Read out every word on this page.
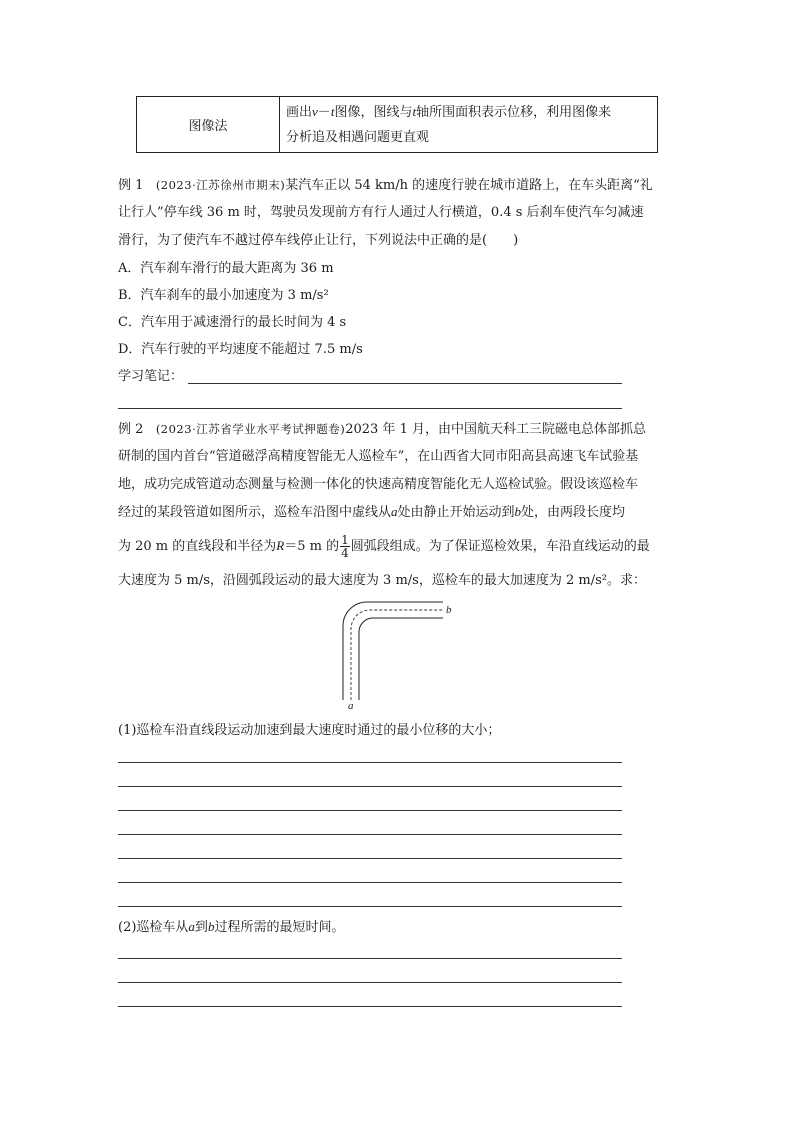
图像法	画出v－t图像，图线与t轴所围面积表示位移，利用图像来
分析追及相遇问题更直观
例 1 (2023·江苏徐州市期末)某汽车正以 54 km/h 的速度行驶在城市道路上，在车头距离“礼
让行人”停车线 36 m 时，驾驶员发现前方有行人通过人行横道，0.4 s 后刹车使汽车匀减速
滑行，为了使汽车不越过停车线停止让行，下列说法中正确的是(　　)
A．汽车刹车滑行的最大距离为 36 m
B．汽车刹车的最小加速度为 3 m/s²
C．汽车用于减速滑行的最长时间为 4 s
D．汽车行驶的平均速度不能超过 7.5 m/s
学习笔记：
例 2 (2023·江苏省学业水平考试押题卷)2023 年 1 月，由中国航天科工三院磁电总体部抓总
研制的国内首台“管道磁浮高精度智能无人巡检车”，在山西省大同市阳高县高速飞车试验基
地，成功完成管道动态测量与检测一体化的快速高精度智能化无人巡检试验。假设该巡检车
经过的某段管道如图所示，巡检车沿图中虚线从a处由静止开始运动到b处，由两段长度均
为 20 m 的直线段和半径为R＝5 m 的 $\frac{1}{4}$ 圆弧段组成。为了保证巡检效果，车沿直线运动的最
大速度为 5 m/s，沿圆弧段运动的最大速度为 3 m/s，巡检车的最大加速度为 2 m/s²。求：
a
b
(1)巡检车沿直线段运动加速到最大速度时通过的最小位移的大小；
(2)巡检车从a到b过程所需的最短时间。
